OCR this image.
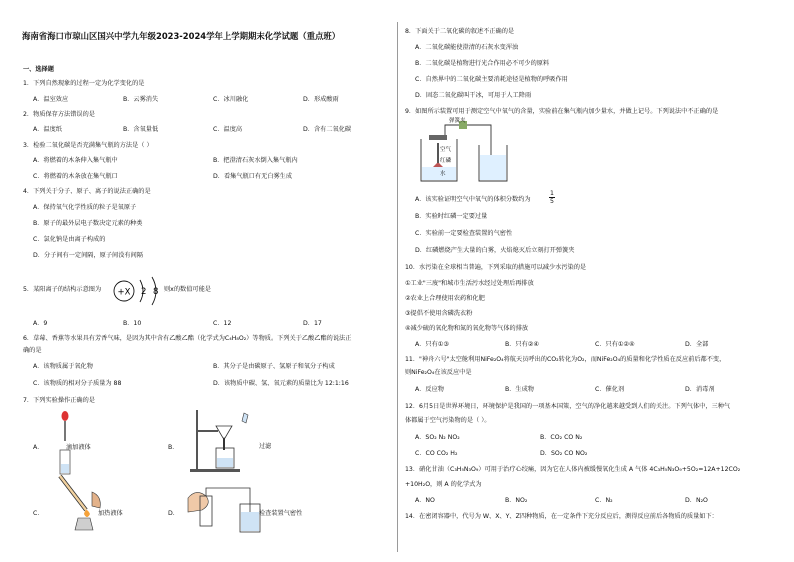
海南省海口市琼山区国兴中学九年级2023-2024学年上学期期末化学试题（重点班）
一、选择题
1．下列自然现象的过程一定为化学变化的是
A．温室效应	B．云雾消失	C．冰川融化	D．形成酸雨
2．物质保存方法错误的是
A．温度纸	B．含氧量低	C．温度高	D．含有二氧化碳
3．检验二氧化碳是否充满集气瓶的方法是（ ）
A．将燃着的木条伸入集气瓶中	B．把澄清石灰水倒入集气瓶内
C．将燃着的木条放在集气瓶口	D．看集气瓶口有无白雾生成
4．下列关于分子、原子、离子的说法正确的是
A．保持氧气化学性质的粒子是氧原子
B．原子的最外层电子数决定元素的种类
C．氯化钠是由离子构成的
D．分子间有一定间隔，原子间没有间隔
5．某阳离子的结构示意图为 +X 2 8 则x的数值可能是
A．9	B．10	C．12	D．17
6．草莓、香蕉等水果具有芳香气味，是因为其中含有乙酸乙酯（化学式为C₄H₈O₂）等物质。下列关于乙酸乙酯的说法正
确的是
A．该物质属于氧化物	B．其分子是由碳原子、氢原子和氧分子构成
C．该物质的相对分子质量为 88	D．该物质中碳、氢、氧元素的质量比为 12:1:16
7．下列实验操作正确的是
A．	滴加液体	B．	过滤
C．	加热液体	D．	检查装置气密性
8．下面关于二氧化碳的叙述不正确的是
A．二氧化碳能使澄清的石灰水变浑浊
B．二氧化碳是植物进行光合作用必不可少的原料
C．自然界中的二氧化碳主要消耗途径是植物的呼吸作用
D．固态二氧化碳叫干冰，可用于人工降雨
9．如图所示装置可用于测定空气中氧气的含量，实验前在集气瓶内加少量水，并做上记号。下列说法中不正确的是
弹簧夹
空气
红磷
水
A．该实验证明空气中氧气的体积分数约为	$\frac{1}{5}$
B．实验时红磷一定要过量
C．实验前一定要检查装置的气密性
D．红磷燃烧产生大量的白雾，火焰熄灭后立刻打开弹簧夹
10．水污染在全球相当普遍，下列采取的措施可以减少水污染的是
①工业"三废"和城市生活污水经过处理后再排放
②农业上合理使用农药和化肥
③提倡不使用含磷洗衣粉
④减少硫的氧化物和氮的氧化物等气体的排放
A．只有①③	B．只有②④	C．只有①②④	D．全部
11．"神舟六号"太空舱利用NiFe₂O₄将航天员呼出的CO₂转化为O₂，而NiFe₂O₄的质量和化学性质在反应前后都不变，
则NiFe₂O₄在该反应中是
A．反应物	B．生成物	C．催化剂	D．消毒剂
12．6月5日是世界环境日，环境保护是我国的一项基本国策，空气的净化越来越受到人们的关注。下列气体中，三种气
体都属于空气污染物的是（ ）。
A．SO₂ N₂ NO₂	B．CO₂ CO N₂
C．CO CO₂ H₂	D．SO₂ CO NO₂
13．硝化甘油（C₃H₅N₃O₉）可用于治疗心绞痛，因为它在人体内被缓慢氧化生成 A 气体 4C₃H₅N₃O₉+5O₂=12A+12CO₂
+10H₂O，则 A 的化学式为
A．NO	B．NO₂	C．N₂	D．N₂O
14．在密闭容器中，代号为 W、X、Y、Z四种物质，在一定条件下充分反应后，测得反应前后各物质的质量如下：
